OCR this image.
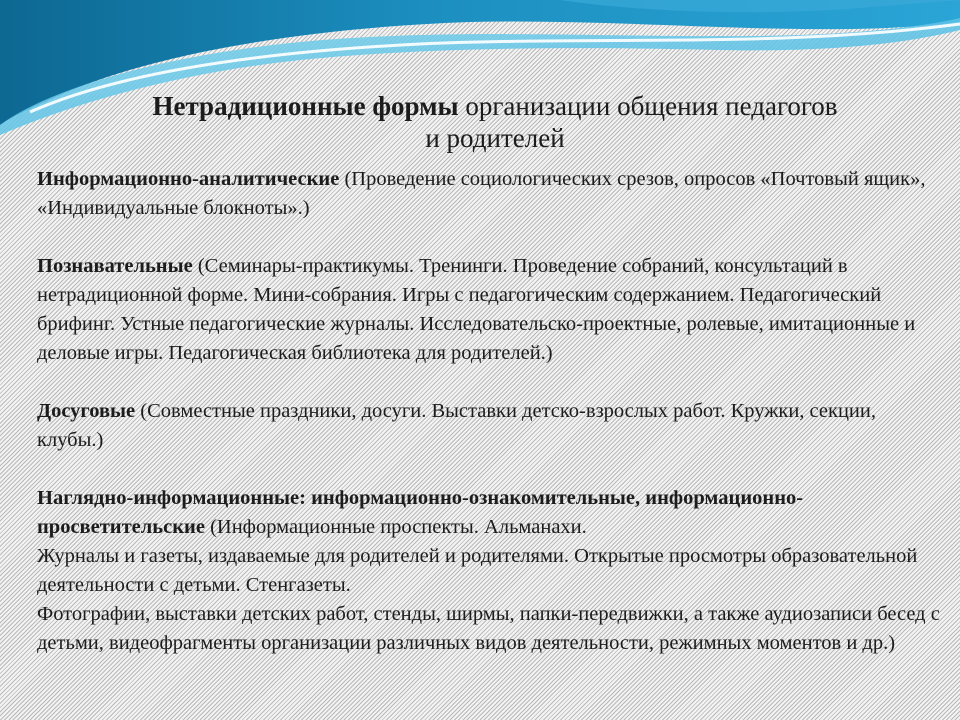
Нетрадиционные формы организации общения педагогов
и родителей

Информационно-аналитические (Проведение социологических срезов, опросов «Почтовый ящик», «Индивидуальные блокноты».)

Познавательные (Семинары-практикумы. Тренинги. Проведение собраний, консультаций в нетрадиционной форме. Мини-собрания. Игры с педагогическим содержанием. Педагогический брифинг. Устные педагогические журналы. Исследовательско-проектные, ролевые, имитационные и деловые игры. Педагогическая библиотека для родителей.)

Досуговые (Совместные праздники, досуги. Выставки детско-взрослых работ. Кружки, секции, клубы.)

Наглядно-информационные: информационно-ознакомительные, информационно-просветительские (Информационные проспекты. Альманахи.

Журналы и газеты, издаваемые для родителей и родителями. Открытые просмотры образовательной деятельности с детьми. Стенгазеты.

Фотографии, выставки детских работ, стенды, ширмы, папки-передвижки, а также аудиозаписи бесед с детьми, видеофрагменты организации различных видов деятельности, режимных моментов и др.)
